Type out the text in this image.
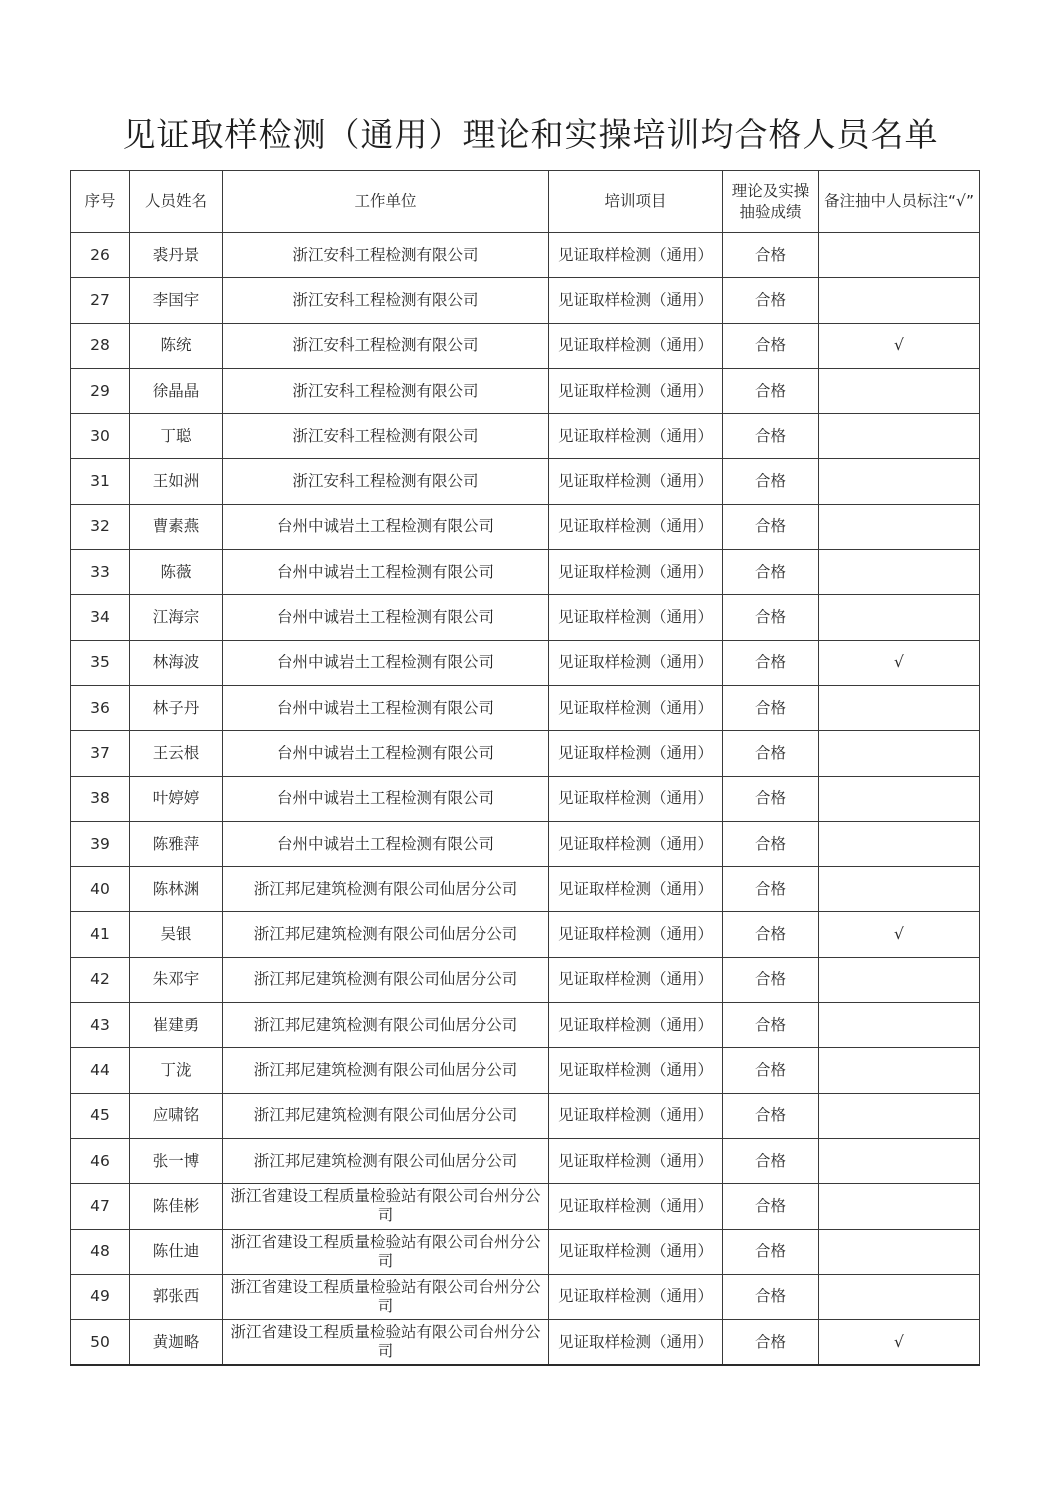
见证取样检测（通用）理论和实操培训均合格人员名单
序号	人员姓名	工作单位	培训项目	理论及实操抽验成绩	备注抽中人员标注“√”
26	裘丹景	浙江安科工程检测有限公司	见证取样检测（通用）	合格	
27	李国宇	浙江安科工程检测有限公司	见证取样检测（通用）	合格	
28	陈统	浙江安科工程检测有限公司	见证取样检测（通用）	合格	√
29	徐晶晶	浙江安科工程检测有限公司	见证取样检测（通用）	合格	
30	丁聪	浙江安科工程检测有限公司	见证取样检测（通用）	合格	
31	王如洲	浙江安科工程检测有限公司	见证取样检测（通用）	合格	
32	曹素燕	台州中诚岩土工程检测有限公司	见证取样检测（通用）	合格	
33	陈薇	台州中诚岩土工程检测有限公司	见证取样检测（通用）	合格	
34	江海宗	台州中诚岩土工程检测有限公司	见证取样检测（通用）	合格	
35	林海波	台州中诚岩土工程检测有限公司	见证取样检测（通用）	合格	√
36	林子丹	台州中诚岩土工程检测有限公司	见证取样检测（通用）	合格	
37	王云根	台州中诚岩土工程检测有限公司	见证取样检测（通用）	合格	
38	叶婷婷	台州中诚岩土工程检测有限公司	见证取样检测（通用）	合格	
39	陈雅萍	台州中诚岩土工程检测有限公司	见证取样检测（通用）	合格	
40	陈林渊	浙江邦尼建筑检测有限公司仙居分公司	见证取样检测（通用）	合格	
41	吴银	浙江邦尼建筑检测有限公司仙居分公司	见证取样检测（通用）	合格	√
42	朱邓宇	浙江邦尼建筑检测有限公司仙居分公司	见证取样检测（通用）	合格	
43	崔建勇	浙江邦尼建筑检测有限公司仙居分公司	见证取样检测（通用）	合格	
44	丁泷	浙江邦尼建筑检测有限公司仙居分公司	见证取样检测（通用）	合格	
45	应啸铭	浙江邦尼建筑检测有限公司仙居分公司	见证取样检测（通用）	合格	
46	张一博	浙江邦尼建筑检测有限公司仙居分公司	见证取样检测（通用）	合格	
47	陈佳彬	浙江省建设工程质量检验站有限公司台州分公司	见证取样检测（通用）	合格	
48	陈仕迪	浙江省建设工程质量检验站有限公司台州分公司	见证取样检测（通用）	合格	
49	郭张西	浙江省建设工程质量检验站有限公司台州分公司	见证取样检测（通用）	合格	
50	黄迦略	浙江省建设工程质量检验站有限公司台州分公司	见证取样检测（通用）	合格	√
